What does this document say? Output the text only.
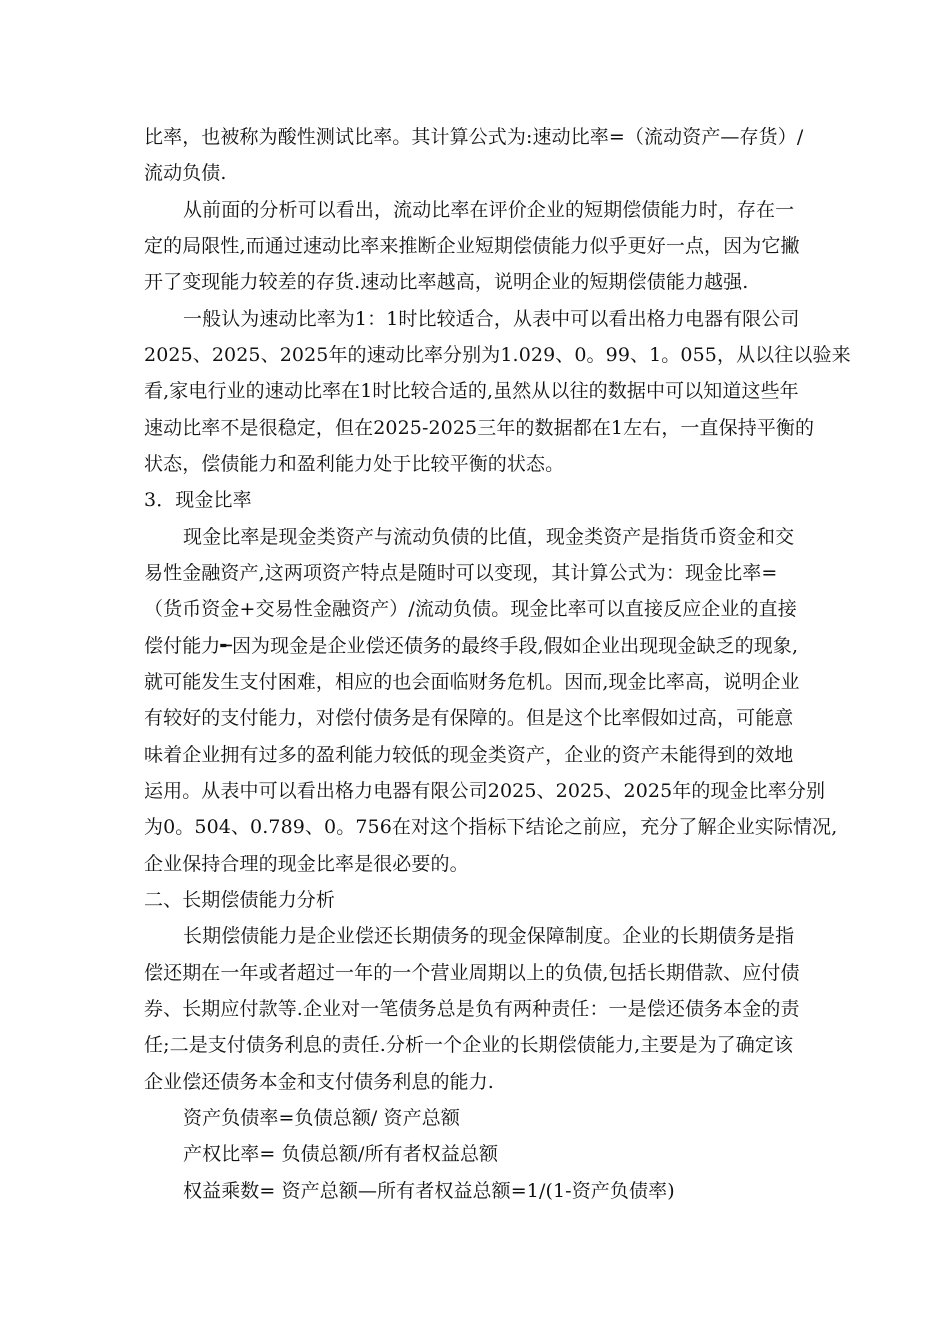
比率，也被称为酸性测试比率。其计算公式为:速动比率=（流动资产—存货）/
流动负债.
从前面的分析可以看出，流动比率在评价企业的短期偿债能力时，存在一
定的局限性,而通过速动比率来推断企业短期偿债能力似乎更好一点，因为它撇
开了变现能力较差的存货.速动比率越高，说明企业的短期偿债能力越强.
一般认为速动比率为1：1时比较适合，从表中可以看出格力电器有限公司
2025、2025、2025年的速动比率分别为1.029、0。99、1。055，从以往以验来
看,家电行业的速动比率在1时比较合适的,虽然从以往的数据中可以知道这些年
速动比率不是很稳定，但在2025-2025三年的数据都在1左右，一直保持平衡的
状态，偿债能力和盈利能力处于比较平衡的状态。
3．现金比率
现金比率是现金类资产与流动负债的比值，现金类资产是指货币资金和交
易性金融资产,这两项资产特点是随时可以变现，其计算公式为：现金比率=
（货币资金+交易性金融资产）/流动负债。现金比率可以直接反应企业的直接
偿付能力╾因为现金是企业偿还债务的最终手段,假如企业出现现金缺乏的现象,
就可能发生支付困难，相应的也会面临财务危机。因而,现金比率高，说明企业
有较好的支付能力，对偿付债务是有保障的。但是这个比率假如过高，可能意
味着企业拥有过多的盈利能力较低的现金类资产，企业的资产未能得到的效地
运用。从表中可以看出格力电器有限公司2025、2025、2025年的现金比率分别
为0。504、0.789、0。756在对这个指标下结论之前应，充分了解企业实际情况,
企业保持合理的现金比率是很必要的。
二、长期偿债能力分析
长期偿债能力是企业偿还长期债务的现金保障制度。企业的长期债务是指
偿还期在一年或者超过一年的一个营业周期以上的负债,包括长期借款、应付债
券、长期应付款等.企业对一笔债务总是负有两种责任：一是偿还债务本金的责
任;二是支付债务利息的责任.分析一个企业的长期偿债能力,主要是为了确定该
企业偿还债务本金和支付债务利息的能力.
资产负债率=负债总额/ 资产总额
产权比率= 负债总额/所有者权益总额
权益乘数= 资产总额—所有者权益总额=1/(1-资产负债率)
